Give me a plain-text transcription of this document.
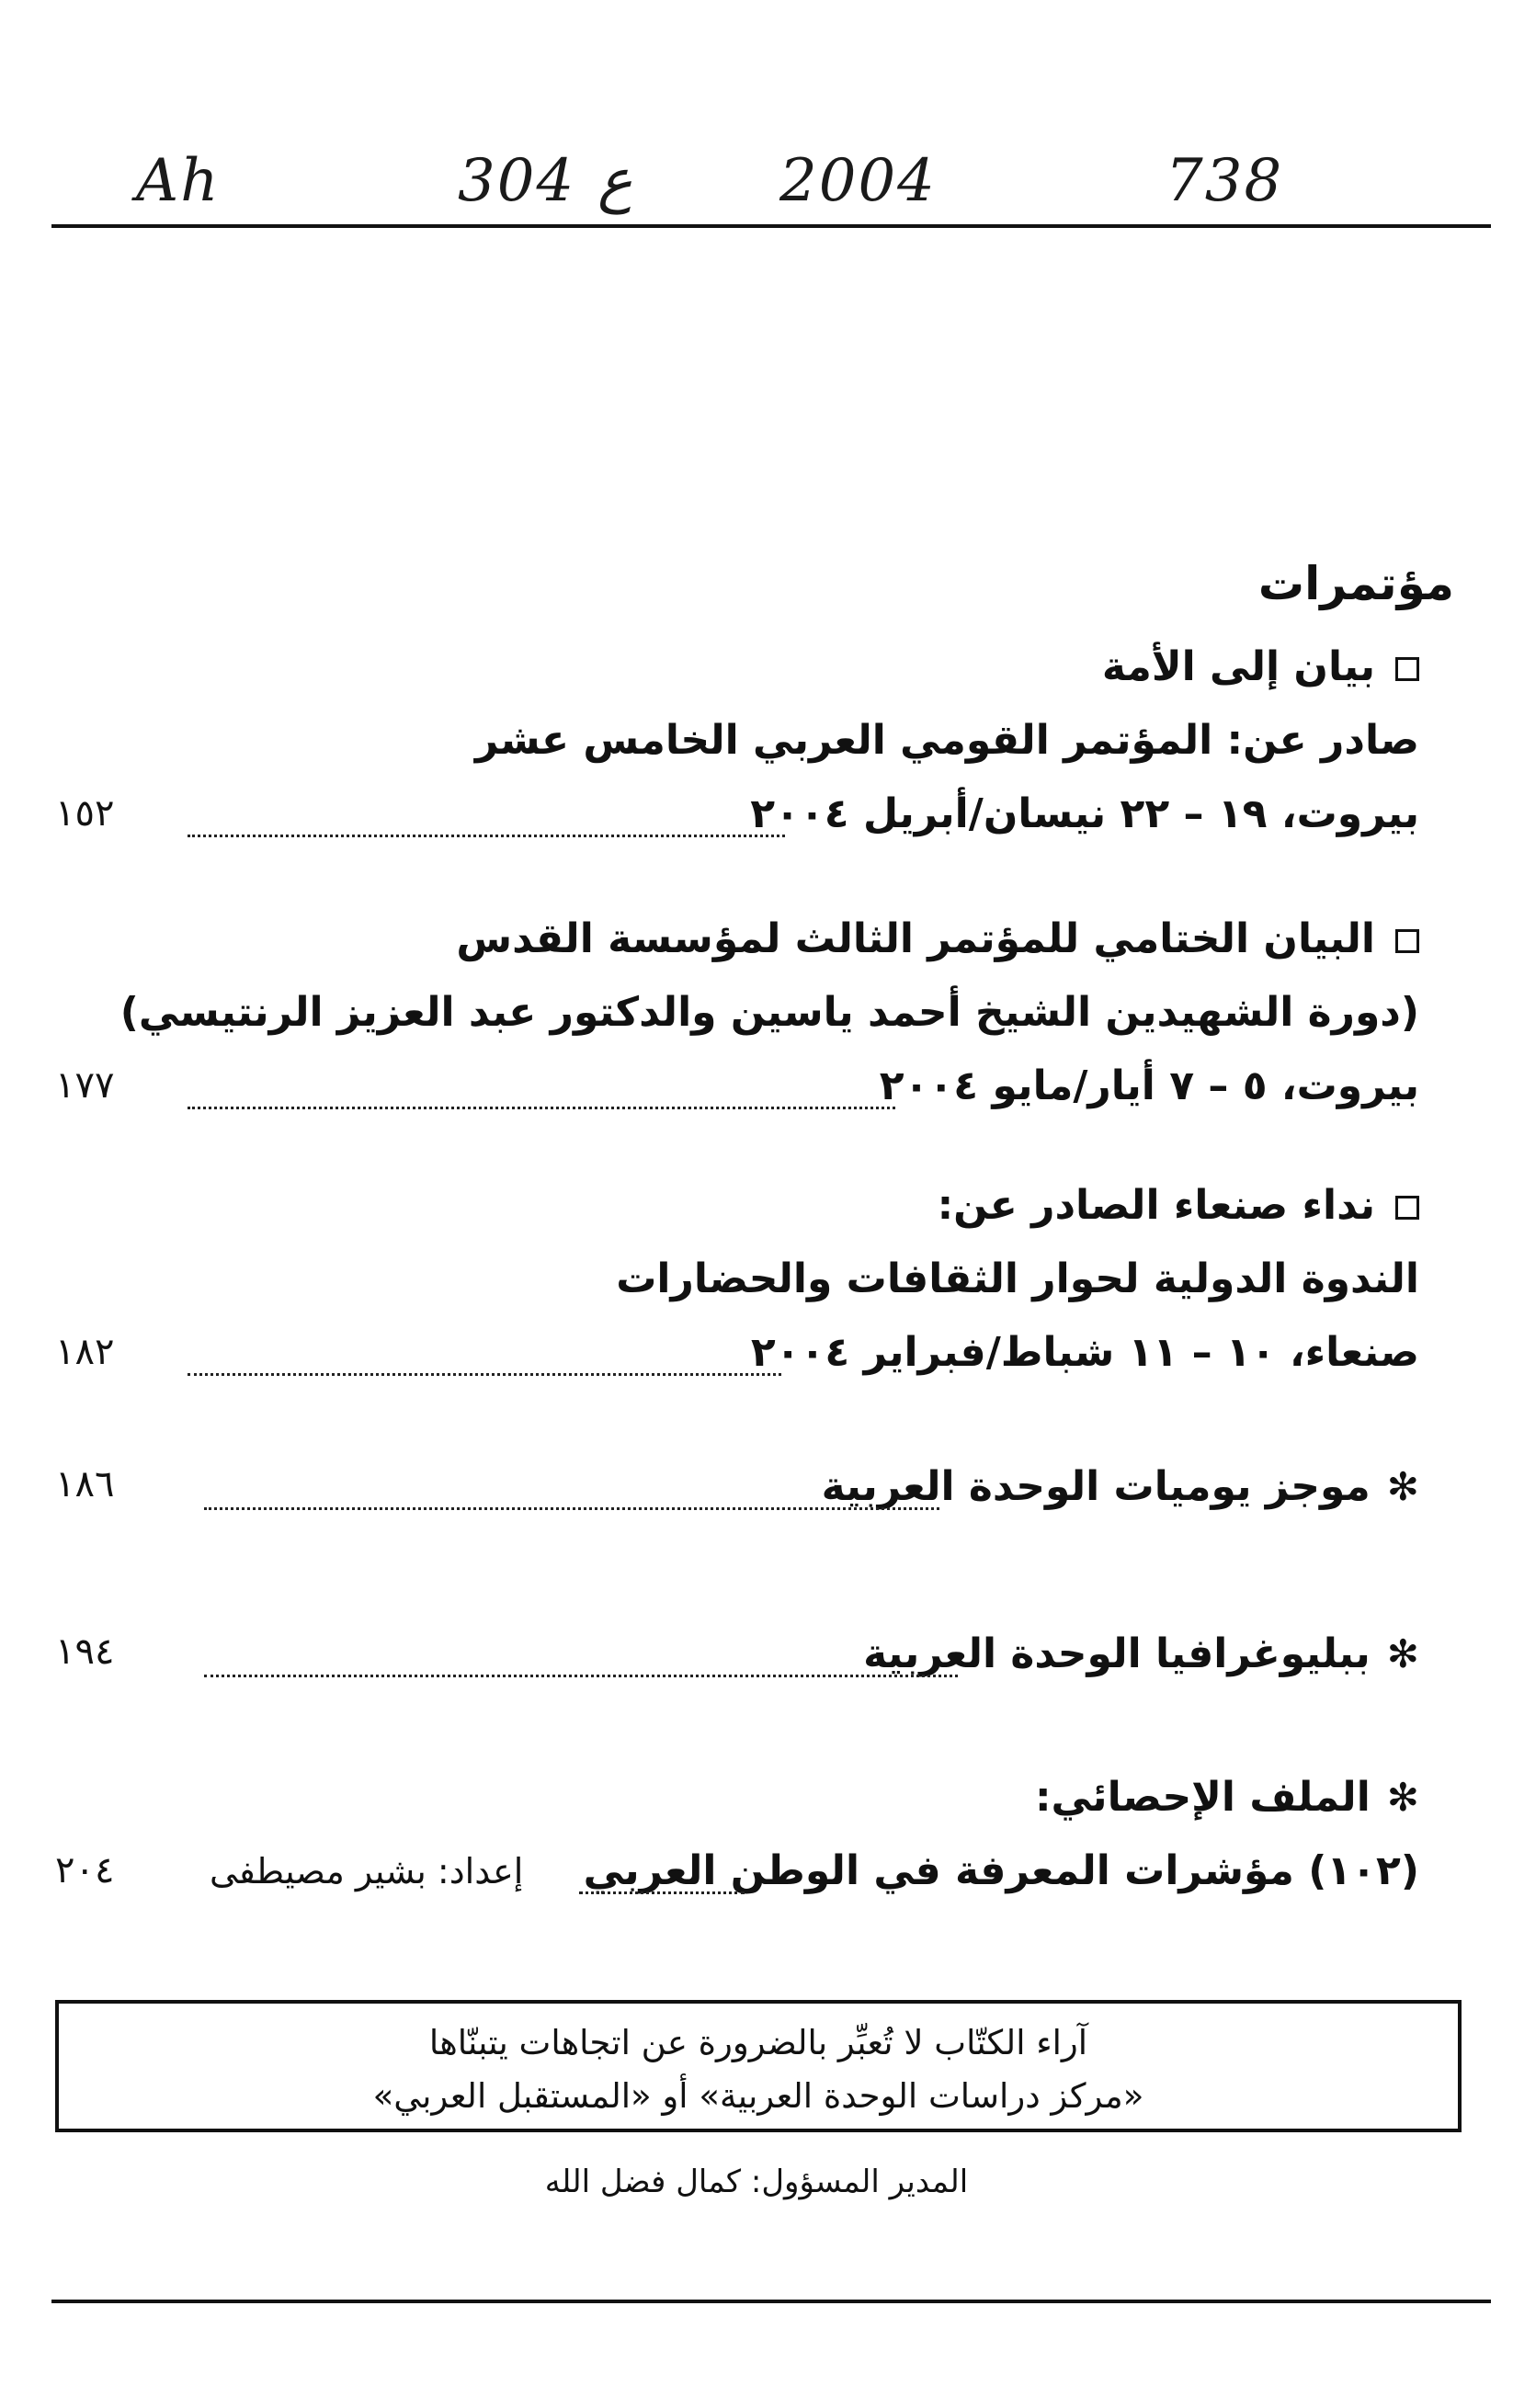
Ah	304 ع 2004	738
مؤتمرات
بيان إلى الأمة
صادر عن: المؤتمر القومي العربي الخامس عشر
بيروت، ١٩ – ٢٢ نيسان/أبريل ٢٠٠٤
١٥٢
البيان الختامي للمؤتمر الثالث لمؤسسة القدس
(دورة الشهيدين الشيخ أحمد ياسين والدكتور عبد العزيز الرنتيسي)
بيروت، ٥ – ٧ أيار/مايو ٢٠٠٤
١٧٧
نداء صنعاء الصادر عن:
الندوة الدولية لحوار الثقافات والحضارات
صنعاء، ١٠ – ١١ شباط/فبراير ٢٠٠٤
١٨٢
✻موجز يوميات الوحدة العربية
١٨٦
✻ببليوغرافيا الوحدة العربية
١٩٤
✻الملف الإحصائي:
(١٠٢) مؤشرات المعرفة في الوطن العربي
إعداد: بشير مصيطفى
٢٠٤
آراء الكتّاب لا تُعبِّر بالضرورة عن اتجاهات يتبنّاها
«مركز دراسات الوحدة العربية» أو «المستقبل العربي»
المدير المسؤول: كمال فضل الله
